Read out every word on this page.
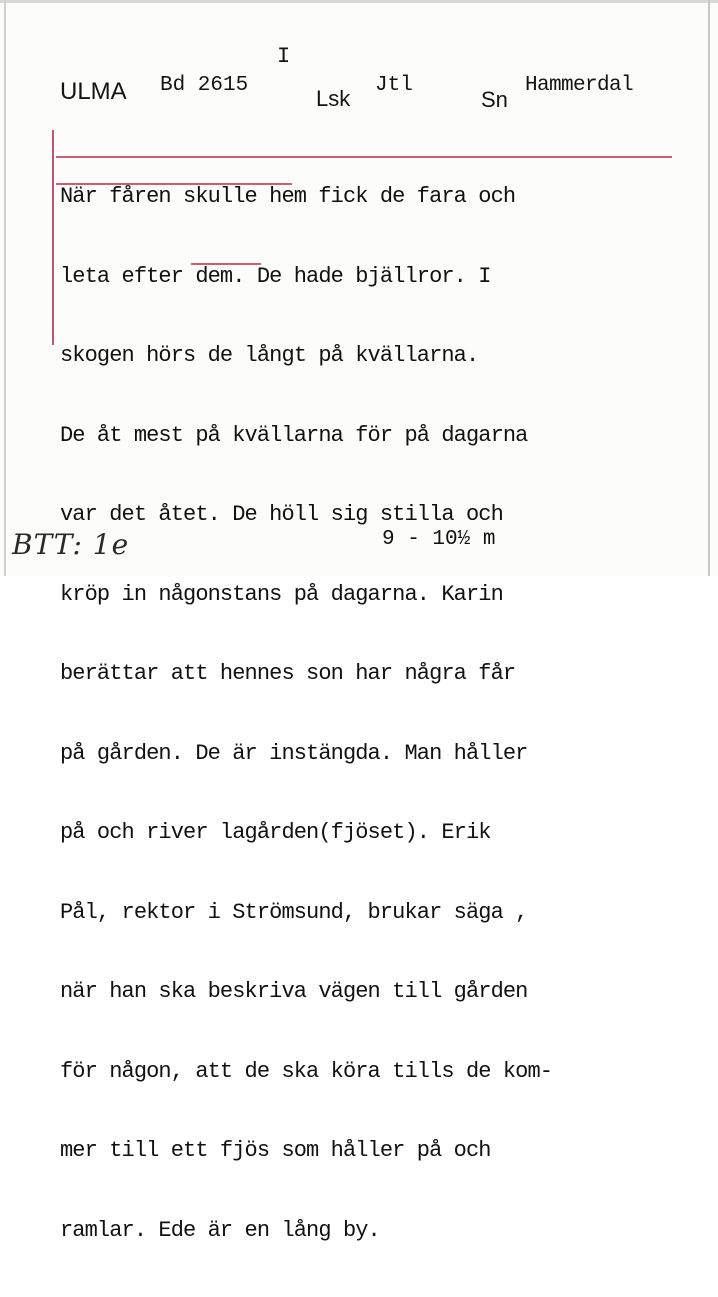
I
ULMA Bd 2615
Lsk
Jtl
Sn
Hammerdal

När fåren skulle hem fick de fara och

leta efter dem. De hade bjällror. I

skogen hörs de långt på kvällarna.

De åt mest på kvällarna för på dagarna

var det åtet. De höll sig stilla och

kröp in någonstans på dagarna. Karin

berättar att hennes son har några får

på gården. De är instängda. Man håller

på och river lagården(fjöset). Erik

Pål, rektor i Strömsund, brukar säga ,

när han ska beskriva vägen till gården

för någon, att de ska köra tills de kom-

mer till ett fjös som håller på och

ramlar. Ede är en lång by.

9 - 10½ m
BTT: 1e
